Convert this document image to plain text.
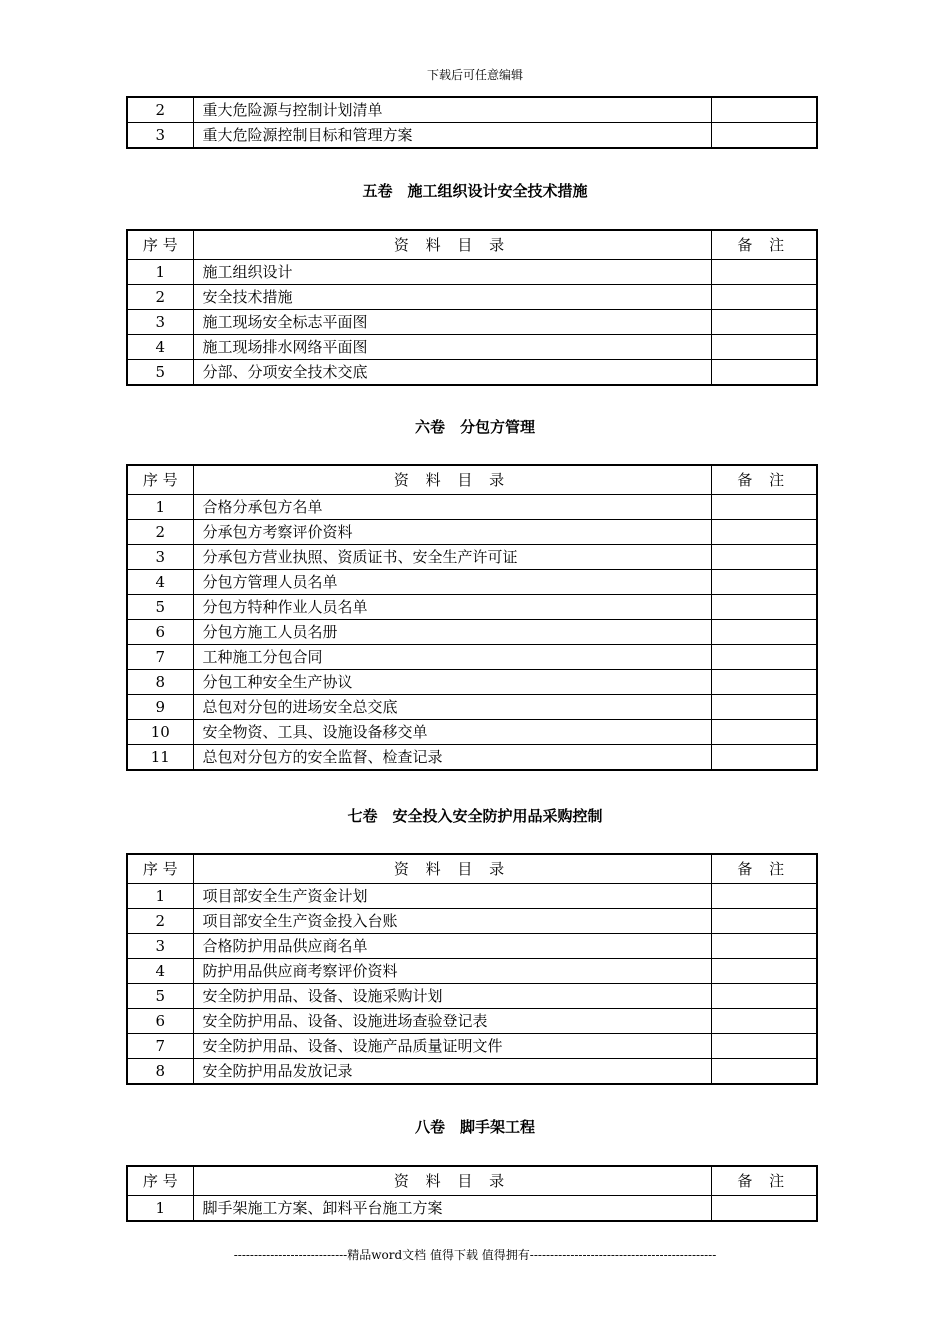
下载后可任意编辑
2	重大危险源与控制计划清单	
3	重大危险源控制目标和管理方案	
五卷　施工组织设计安全技术措施
序 号	资 料 目 录	备 注
1	施工组织设计	
2	安全技术措施	
3	施工现场安全标志平面图	
4	施工现场排水网络平面图	
5	分部、分项安全技术交底	
六卷　分包方管理
序 号	资 料 目 录	备 注
1	合格分承包方名单	
2	分承包方考察评价资料	
3	分承包方营业执照、资质证书、安全生产许可证	
4	分包方管理人员名单	
5	分包方特种作业人员名单	
6	分包方施工人员名册	
7	工种施工分包合同	
8	分包工种安全生产协议	
9	总包对分包的进场安全总交底	
10	安全物资、工具、设施设备移交单	
11	总包对分包方的安全监督、检查记录	
七卷　安全投入安全防护用品采购控制
序 号	资 料 目 录	备 注
1	项目部安全生产资金计划	
2	项目部安全生产资金投入台账	
3	合格防护用品供应商名单	
4	防护用品供应商考察评价资料	
5	安全防护用品、设备、设施采购计划	
6	安全防护用品、设备、设施进场查验登记表	
7	安全防护用品、设备、设施产品质量证明文件	
8	安全防护用品发放记录	
八卷　脚手架工程
序 号	资 料 目 录	备 注
1	脚手架施工方案、卸料平台施工方案	
----------------------------精品word文档 值得下载 值得拥有----------------------------------------------
